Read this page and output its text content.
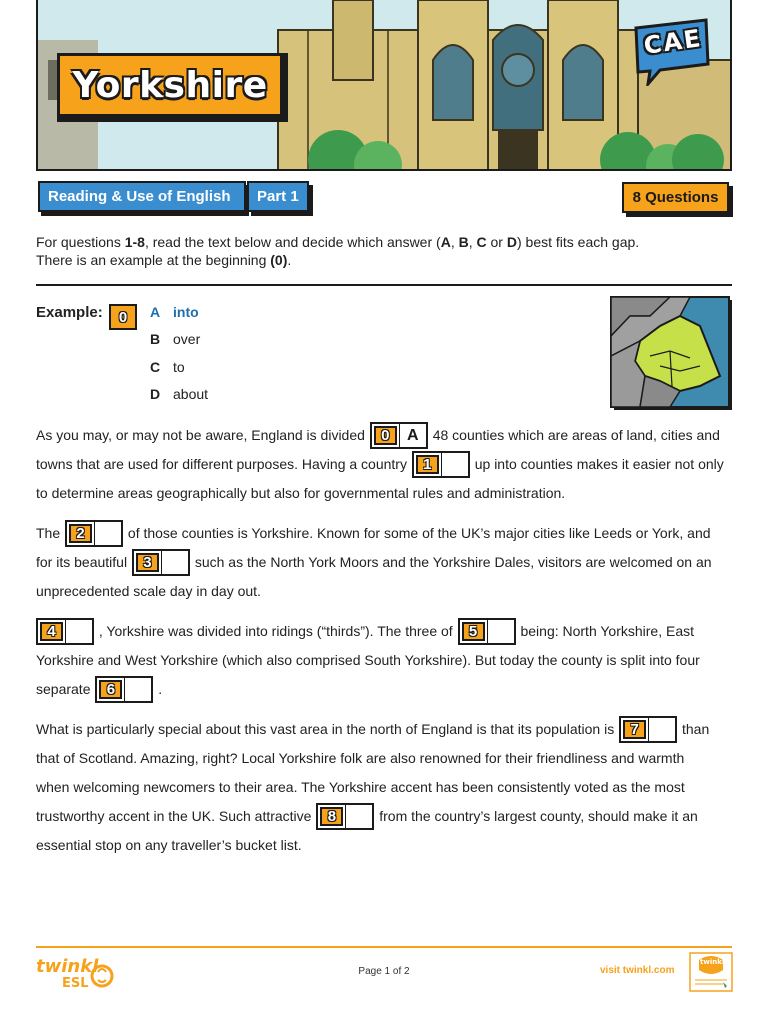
Yorkshire
CAE
Reading & Use of English	Part 1	8 Questions
For questions 1-8, read the text below and decide which answer (A, B, C or D) best fits each gap.
There is an example at the beginning (0).
Example:	0	A into
B over
C to
D about
As you may, or may not be aware, England is divided	0	A	48 counties which are areas of land, cities and
towns that are used for different purposes. Having a country	1	up into counties makes it easier not only
to determine areas geographically but also for governmental rules and administration.
The	2	of those counties is Yorkshire. Known for some of the UK’s major cities like Leeds or York, and
for its beautiful	3	such as the North York Moors and the Yorkshire Dales, visitors are welcomed on an
unprecedented scale day in day out.
4	, Yorkshire was divided into ridings (“thirds”). The three of	5	being: North Yorkshire, East
Yorkshire and West Yorkshire (which also comprised South Yorkshire). But today the county is split into four
separate	6	.
What is particularly special about this vast area in the north of England is that its population is	7	than
that of Scotland. Amazing, right? Local Yorkshire folk are also renowned for their friendliness and warmth
when welcoming newcomers to their area. The Yorkshire accent has been consistently voted as the most
trustworthy accent in the UK. Such attractive	8	from the country’s largest county, should make it an
essential stop on any traveller’s bucket list.
twinkl
ESL
Page 1 of 2	visit twinkl.com
twinkl
